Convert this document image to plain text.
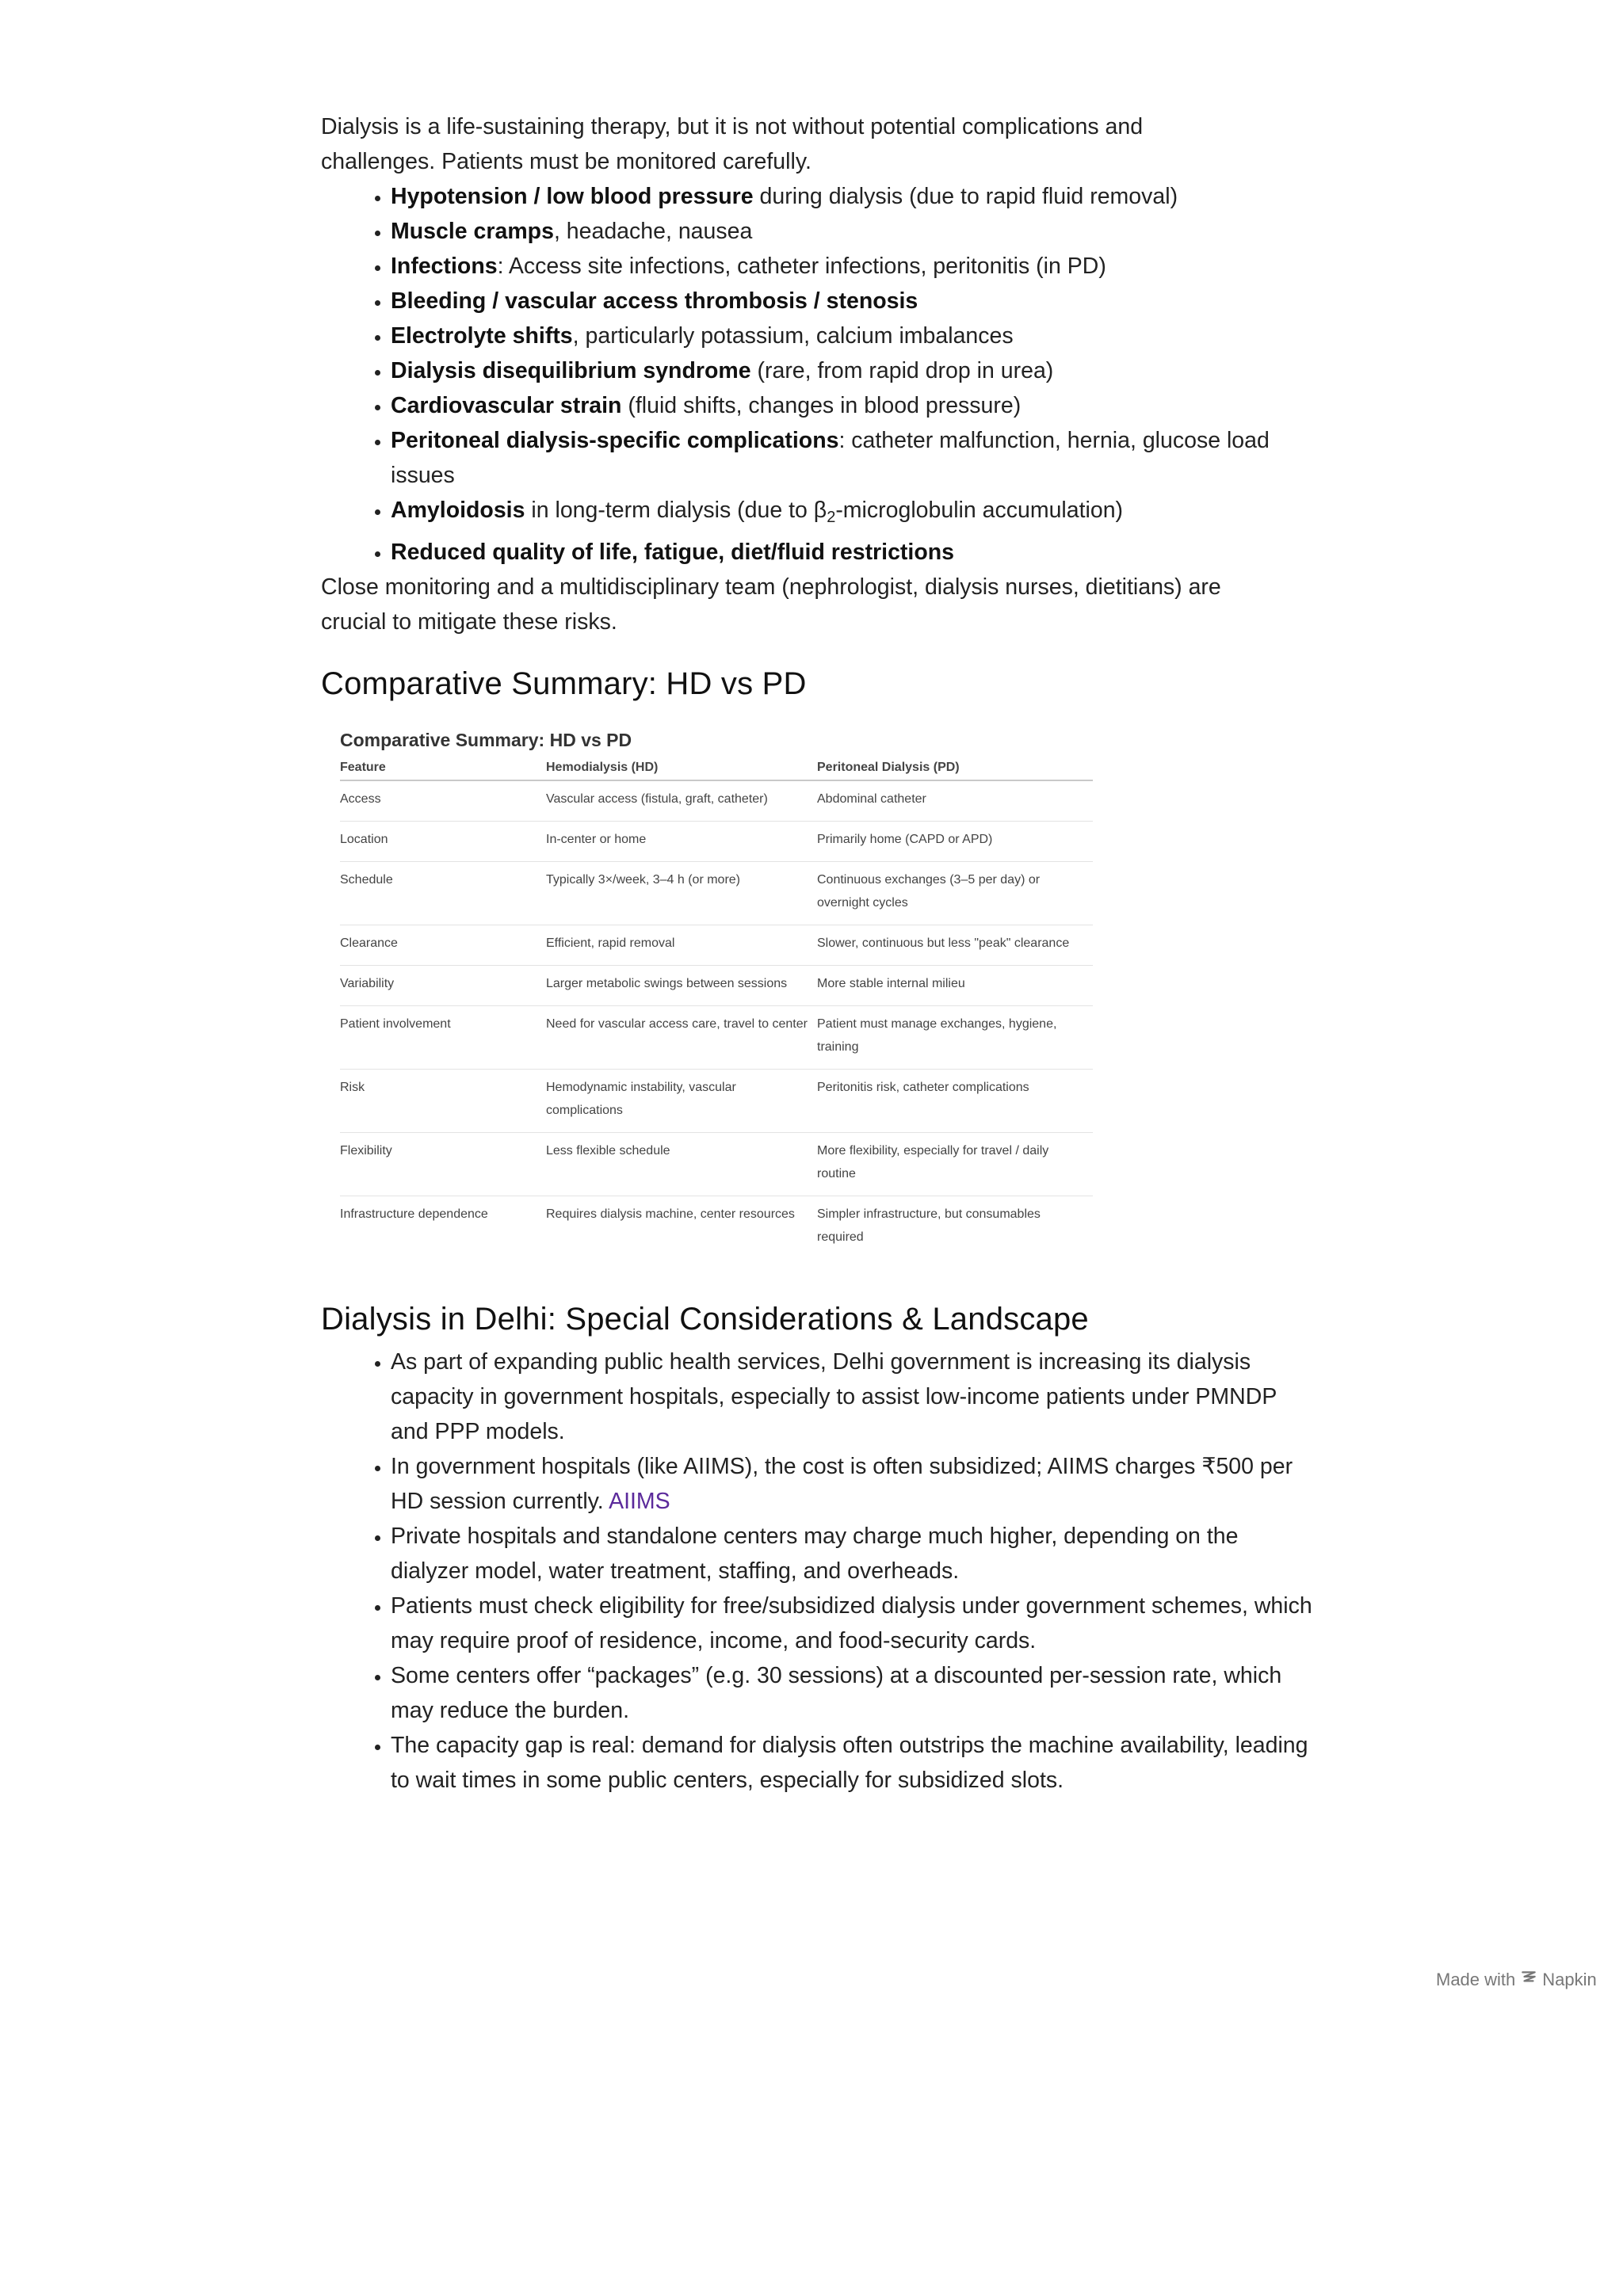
Dialysis is a life-sustaining therapy, but it is not without potential complications and
challenges. Patients must be monitored carefully.

• Hypotension / low blood pressure during dialysis (due to rapid fluid removal)
• Muscle cramps, headache, nausea
• Infections: Access site infections, catheter infections, peritonitis (in PD)
• Bleeding / vascular access thrombosis / stenosis
• Electrolyte shifts, particularly potassium, calcium imbalances
• Dialysis disequilibrium syndrome (rare, from rapid drop in urea)
• Cardiovascular strain (fluid shifts, changes in blood pressure)
• Peritoneal dialysis-specific complications: catheter malfunction, hernia, glucose load issues
• Amyloidosis in long-term dialysis (due to $\beta_2$-microglobulin accumulation)
• Reduced quality of life, fatigue, diet/fluid restrictions

Close monitoring and a multidisciplinary team (nephrologist, dialysis nurses, dietitians) are
crucial to mitigate these risks.

Comparative Summary: HD vs PD
Comparative Summary: HD vs PD
Feature	Hemodialysis (HD)	Peritoneal Dialysis (PD)
Access	Vascular access (fistula, graft, catheter)	Abdominal catheter
Location	In-center or home	Primarily home (CAPD or APD)
Schedule	Typically 3×/week, 3–4 h (or more)	Continuous exchanges (3–5 per day) or overnight cycles
Clearance	Efficient, rapid removal	Slower, continuous but less "peak" clearance
Variability	Larger metabolic swings between sessions	More stable internal milieu
Patient involvement	Need for vascular access care, travel to center	Patient must manage exchanges, hygiene, training
Risk	Hemodynamic instability, vascular complications	Peritonitis risk, catheter complications
Flexibility	Less flexible schedule	More flexibility, especially for travel / daily routine
Infrastructure dependence	Requires dialysis machine, center resources	Simpler infrastructure, but consumables required
Dialysis in Delhi: Special Considerations & Landscape
• As part of expanding public health services, Delhi government is increasing its dialysis capacity in government hospitals, especially to assist low-income patients under PMNDP and PPP models.
• In government hospitals (like AIIMS), the cost is often subsidized; AIIMS charges ₹500 per HD session currently. AIIMS
• Private hospitals and standalone centers may charge much higher, depending on the dialyzer model, water treatment, staffing, and overheads.
• Patients must check eligibility for free/subsidized dialysis under government schemes, which may require proof of residence, income, and food-security cards.
• Some centers offer “packages” (e.g. 30 sessions) at a discounted per-session rate, which may reduce the burden.
• The capacity gap is real: demand for dialysis often outstrips the machine availability, leading to wait times in some public centers, especially for subsidized slots.
Made with Napkin
